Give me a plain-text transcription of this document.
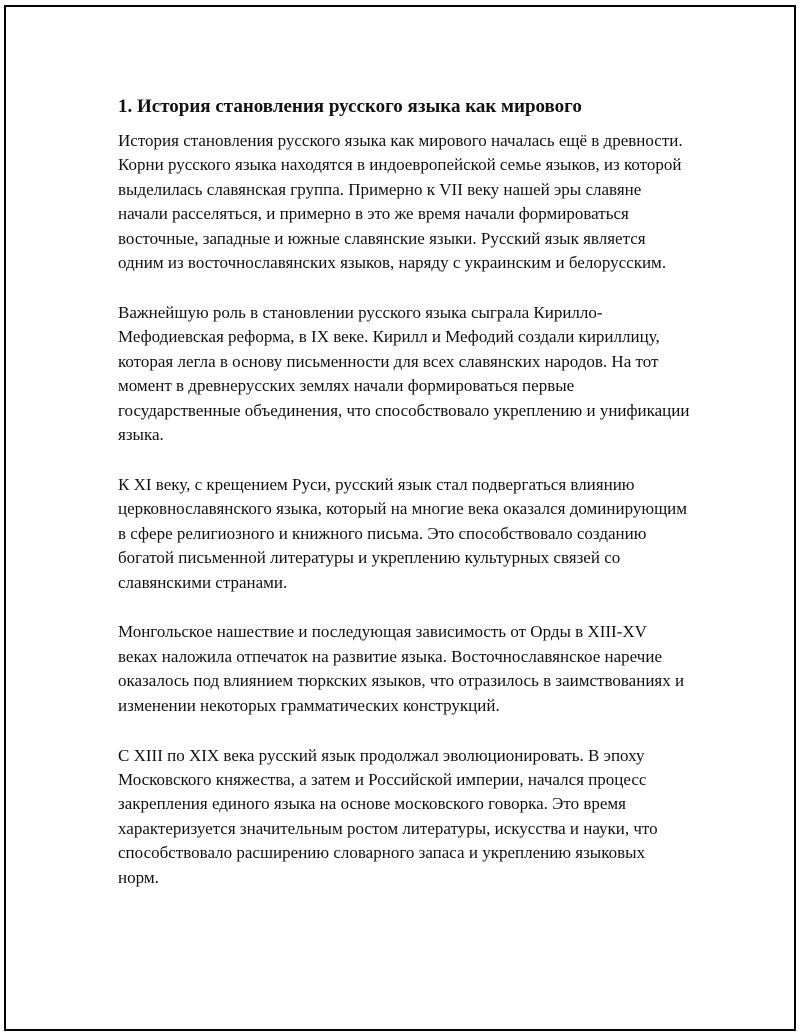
1. История становления русского языка как мирового

История становления русского языка как мирового началась ещё в древности. Корни русского языка находятся в индоевропейской семье языков, из которой выделилась славянская группа. Примерно к VII веку нашей эры славяне начали расселяться, и примерно в это же время начали формироваться восточные, западные и южные славянские языки. Русский язык является одним из восточнославянских языков, наряду с украинским и белорусским.

Важнейшую роль в становлении русского языка сыграла Кирилло-Мефодиевская реформа, в IX веке. Кирилл и Мефодий создали кириллицу, которая легла в основу письменности для всех славянских народов. На тот момент в древнерусских землях начали формироваться первые государственные объединения, что способствовало укреплению и унификации языка.

К XI веку, с крещением Руси, русский язык стал подвергаться влиянию церковнославянского языка, который на многие века оказался доминирующим в сфере религиозного и книжного письма. Это способствовало созданию богатой письменной литературы и укреплению культурных связей со славянскими странами.

Монгольское нашествие и последующая зависимость от Орды в XIII-XV веках наложила отпечаток на развитие языка. Восточнославянское наречие оказалось под влиянием тюркских языков, что отразилось в заимствованиях и изменении некоторых грамматических конструкций.

С XIII по XIX века русский язык продолжал эволюционировать. В эпоху Московского княжества, а затем и Российской империи, начался процесс закрепления единого языка на основе московского говорка. Это время характеризуется значительным ростом литературы, искусства и науки, что способствовало расширению словарного запаса и укреплению языковых норм.
